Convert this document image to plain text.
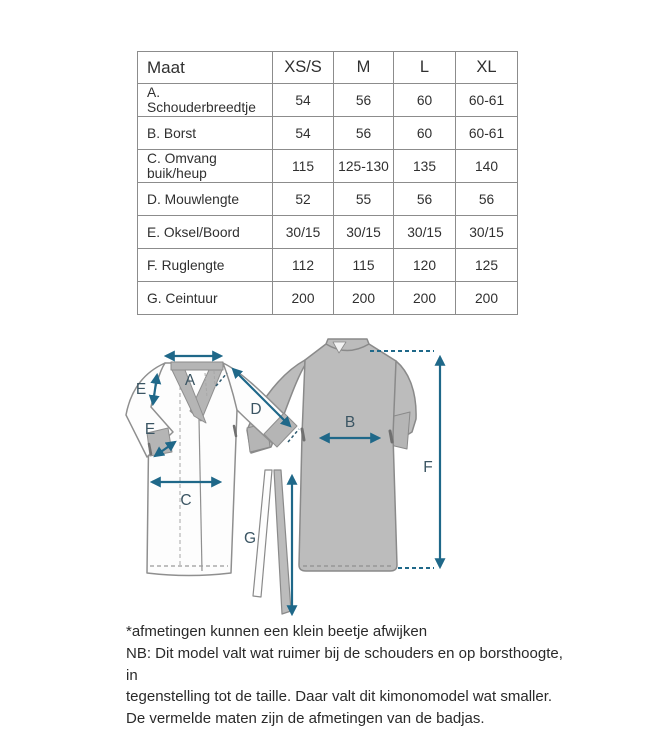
Maat	XS/S	M	L	XL
A. Schouderbreedtje	54	56	60	60-61
B. Borst	54	56	60	60-61
C. Omvang buik/heup	115	125-130	135	140
D. Mouwlengte	52	55	56	56
E. Oksel/Boord	30/15	30/15	30/15	30/15
F. Ruglengte	112	115	120	125
G. Ceintuur	200	200	200	200
A
E
E
D
C
B
G
F

*afmetingen kunnen een klein beetje afwijken

NB: Dit model valt wat ruimer bij de schouders en op borsthoogte, in

tegenstelling tot de taille. Daar valt dit kimonomodel wat smaller.

De vermelde maten zijn de afmetingen van de badjas.
